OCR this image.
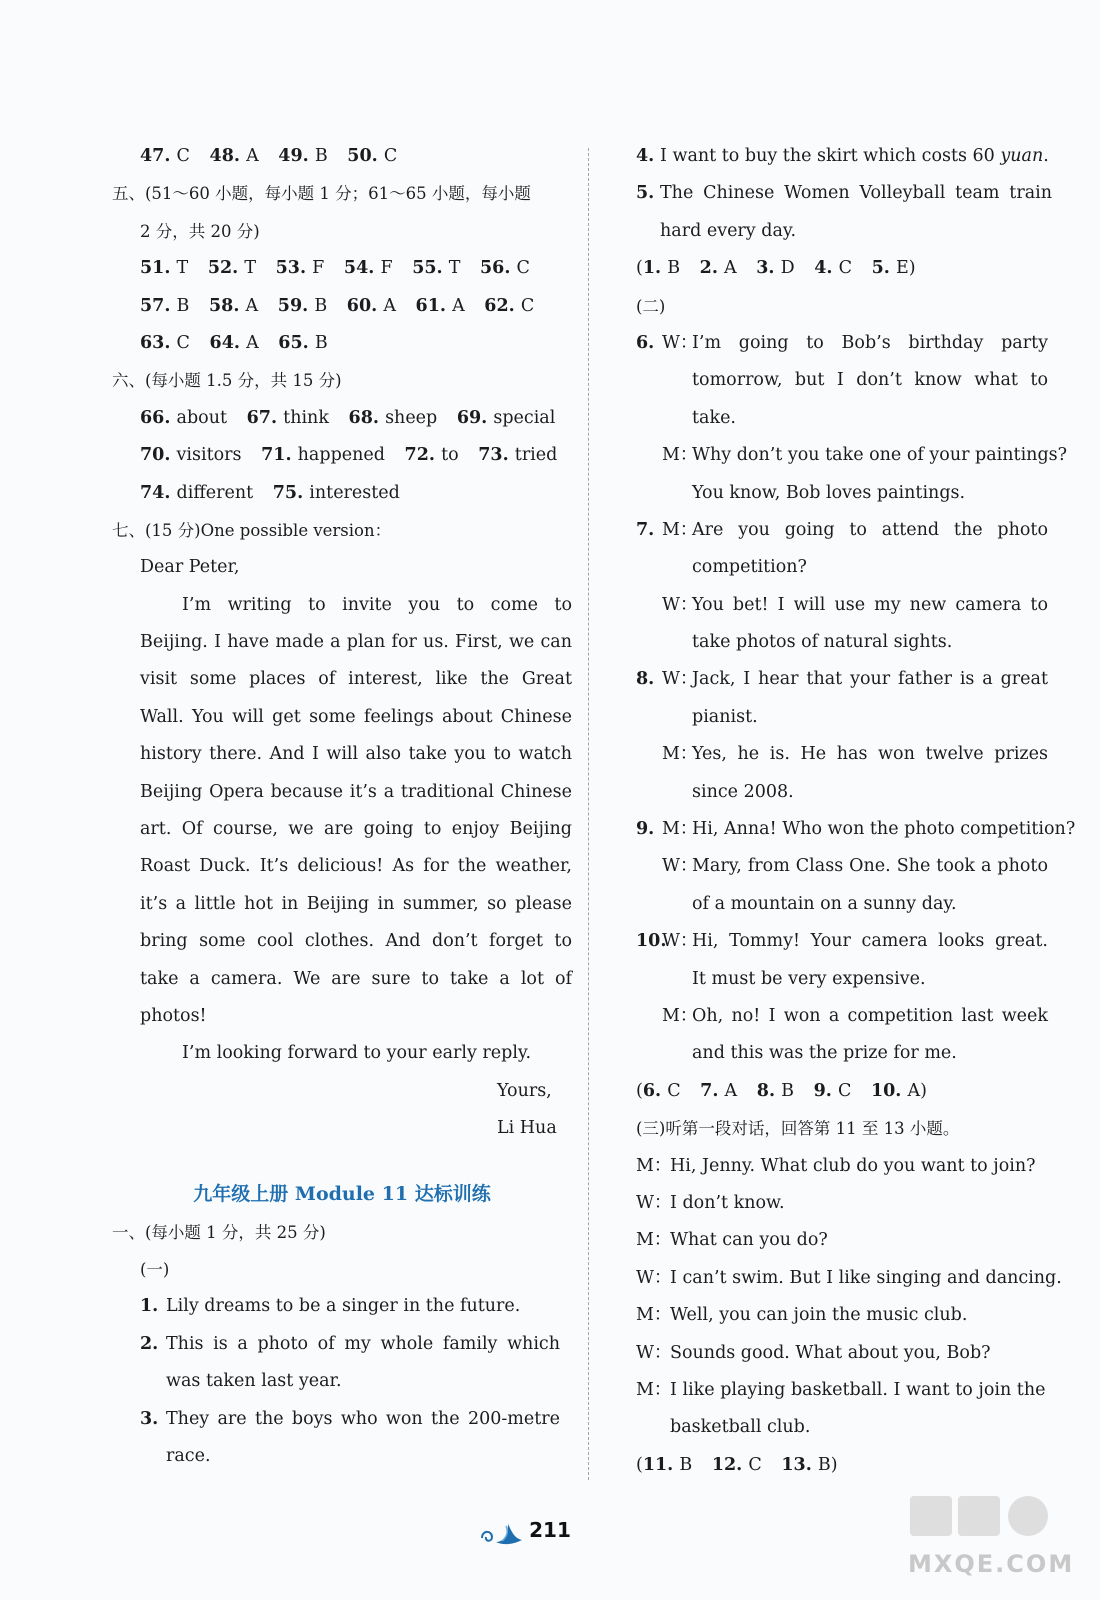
47. C 48. A 49. B 50. C
五、(51～60 小题，每小题 1 分；61～65 小题，每小题
2 分，共 20 分)
51. T 52. T 53. F 54. F 55. T 56. C
57. B 58. A 59. B 60. A 61. A 62. C
63. C 64. A 65. B
六、(每小题 1.5 分，共 15 分)
66. about 67. think 68. sheep 69. special
70. visitors 71. happened 72. to 73. tried
74. different 75. interested
七、(15 分)One possible version：
Dear Peter,
I’m writing to invite you to come to
Beijing. I have made a plan for us. First, we can
visit some places of interest, like the Great
Wall. You will get some feelings about Chinese
history there. And I will also take you to watch
Beijing Opera because it’s a traditional Chinese
art. Of course, we are going to enjoy Beijing
Roast Duck. It’s delicious! As for the weather,
it’s a little hot in Beijing in summer, so please
bring some cool clothes. And don’t forget to
take a camera. We are sure to take a lot of
photos!
I’m looking forward to your early reply.
Yours,
Li Hua
九年级上册 Module 11 达标训练
一、(每小题 1 分，共 25 分)
(一)
1. Lily dreams to be a singer in the future.
2. This is a photo of my whole family which
was taken last year.
3. They are the boys who won the 200-metre
race.
4. I want to buy the skirt which costs 60 yuan.
5. The Chinese Women Volleyball team train
hard every day.
(1. B 2. A 3. D 4. C 5. E)
(二)
6. W：I’m going to Bob’s birthday party
tomorrow, but I don’t know what to
take.
M：Why don’t you take one of your paintings?
You know, Bob loves paintings.
7. M：Are you going to attend the photo
competition?
W：You bet! I will use my new camera to
take photos of natural sights.
8. W：Jack, I hear that your father is a great
pianist.
M：Yes, he is. He has won twelve prizes
since 2008.
9. M：Hi, Anna! Who won the photo competition?
W：Mary, from Class One. She took a photo
of a mountain on a sunny day.
10.W：Hi, Tommy! Your camera looks great.
It must be very expensive.
M：Oh, no! I won a competition last week
and this was the prize for me.
(6. C 7. A 8. B 9. C 10. A)
(三)听第一段对话，回答第 11 至 13 小题。
M：Hi, Jenny. What club do you want to join?
W：I don’t know.
M：What can you do?
W：I can’t swim. But I like singing and dancing.
M：Well, you can join the music club.
W：Sounds good. What about you, Bob?
M：I like playing basketball. I want to join the
basketball club.
(11. B 12. C 13. B)
211
MXQE.COM
